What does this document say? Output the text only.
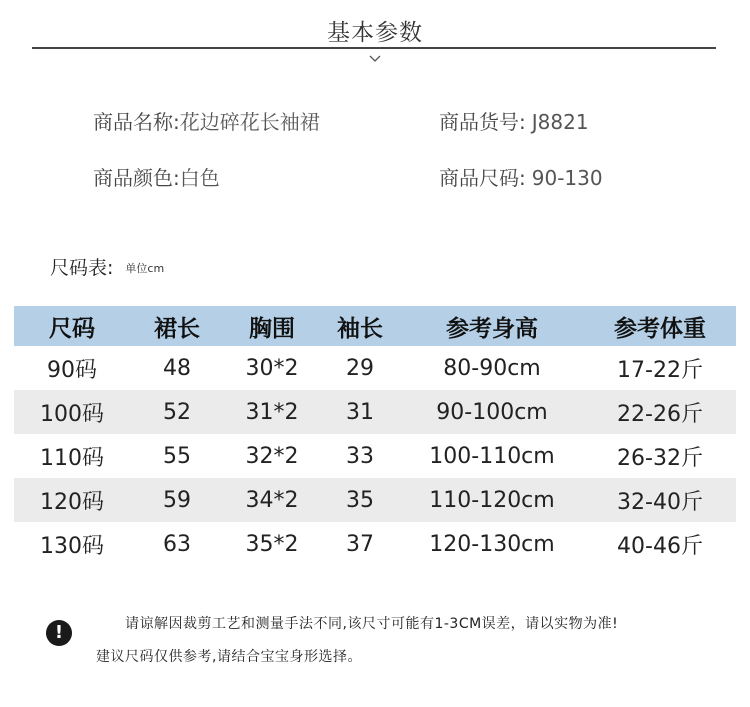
基本参数
商品名称:花边碎花长袖裙	商品货号: J8821
商品颜色:白色	商品尺码: 90-130
尺码表: 单位cm
尺码	裙长	胸围	袖长	参考身高	参考体重
90码	48	30*2	29	80-90cm	17-22斤
100码	52	31*2	31	90-100cm	22-26斤
110码	55	32*2	33	100-110cm	26-32斤
120码	59	34*2	35	110-120cm	32-40斤
130码	63	35*2	37	120-130cm	40-46斤
!	请谅解因裁剪工艺和测量手法不同,该尺寸可能有1-3CM误差，请以实物为准!
建议尺码仅供参考,请结合宝宝身形选择。
